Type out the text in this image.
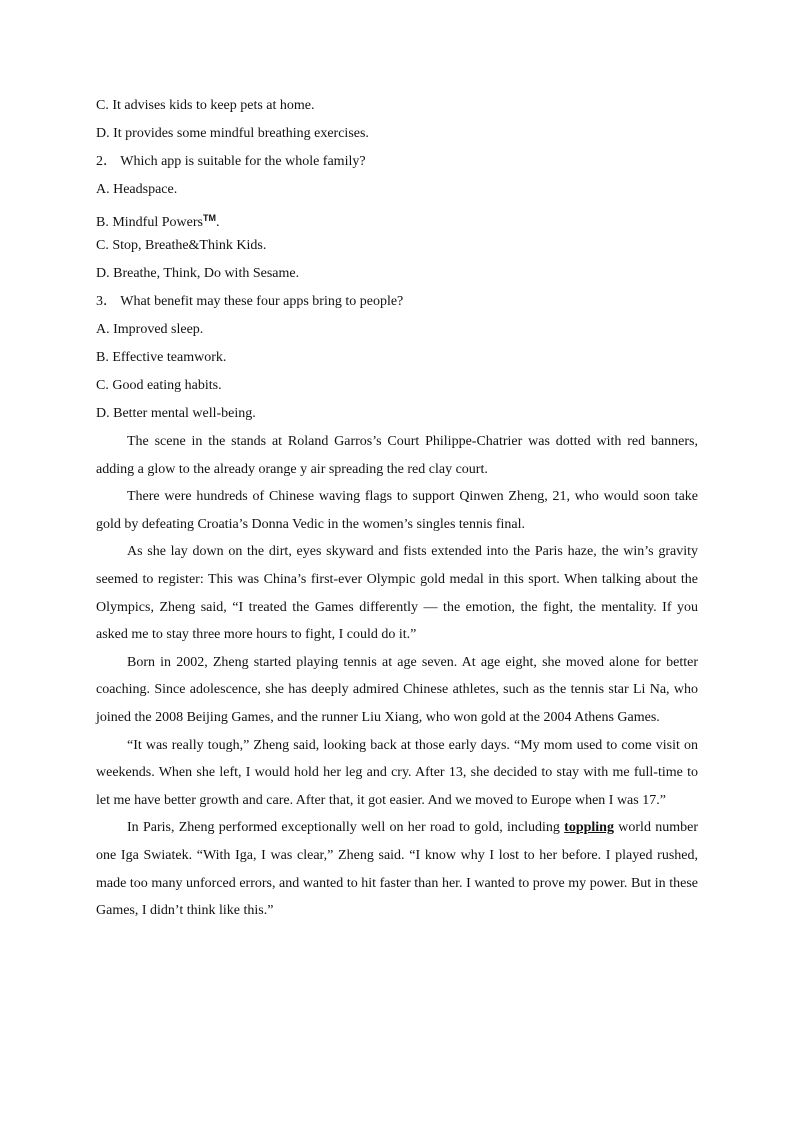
C. It advises kids to keep pets at home.
D. It provides some mindful breathing exercises.
2． Which app is suitable for the whole family?
A. Headspace.
B. Mindful Powers™.
C. Stop, Breathe&Think Kids.
D. Breathe, Think, Do with Sesame.
3． What benefit may these four apps bring to people?
A. Improved sleep.
B. Effective teamwork.
C. Good eating habits.
D. Better mental well-being.

The scene in the stands at Roland Garros’s Court Philippe-Chatrier was dotted with red banners, adding a glow to the already orange y air spreading the red clay court.

There were hundreds of Chinese waving flags to support Qinwen Zheng, 21, who would soon take gold by defeating Croatia’s Donna Vedic in the women’s singles tennis final.

As she lay down on the dirt, eyes skyward and fists extended into the Paris haze, the win’s gravity seemed to register: This was China’s first-ever Olympic gold medal in this sport. When talking about the Olympics, Zheng said, “I treated the Games differently — the emotion, the fight, the mentality. If you asked me to stay three more hours to fight, I could do it.”

Born in 2002, Zheng started playing tennis at age seven. At age eight, she moved alone for better coaching. Since adolescence, she has deeply admired Chinese athletes, such as the tennis star Li Na, who joined the 2008 Beijing Games, and the runner Liu Xiang, who won gold at the 2004 Athens Games.

“It was really tough,” Zheng said, looking back at those early days. “My mom used to come visit on weekends. When she left, I would hold her leg and cry. After 13, she decided to stay with me full-time to let me have better growth and care. After that, it got easier. And we moved to Europe when I was 17.”

In Paris, Zheng performed exceptionally well on her road to gold, including toppling world number one Iga Swiatek. “With Iga, I was clear,” Zheng said. “I know why I lost to her before. I played rushed, made too many unforced errors, and wanted to hit faster than her. I wanted to prove my power. But in these Games, I didn’t think like this.”
